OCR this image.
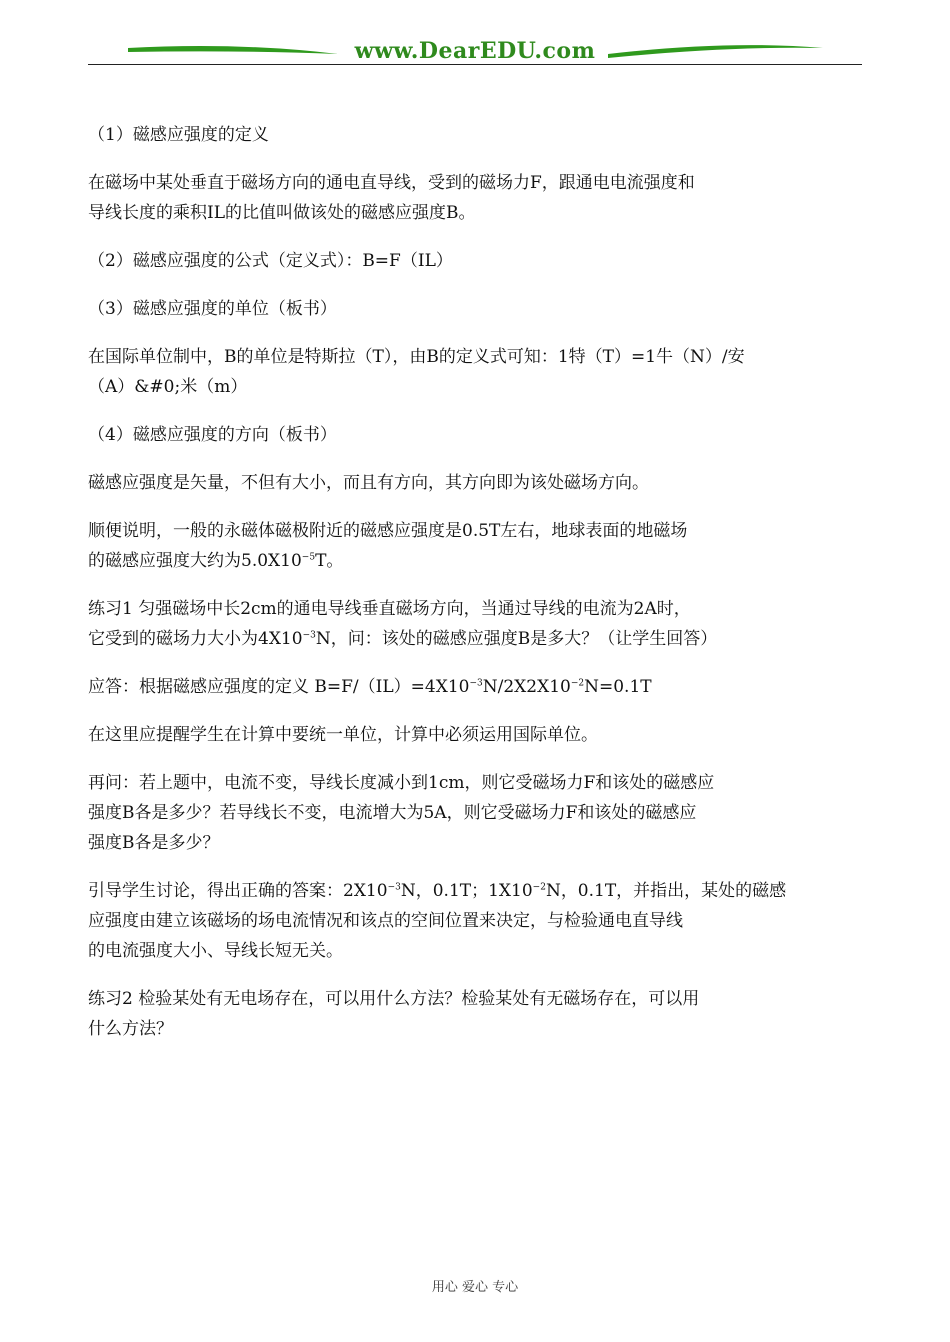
www.DearEDU.com
（1）磁感应强度的定义
在磁场中某处垂直于磁场方向的通电直导线，受到的磁场力F，跟通电电流强度和
导线长度的乘积IL的比值叫做该处的磁感应强度B。
（2）磁感应强度的公式（定义式）：B=F（IL）
（3）磁感应强度的单位（板书）
在国际单位制中，B的单位是特斯拉（T），由B的定义式可知：1特（T）=1牛（N）/安
（A）&#0;米（m）
（4）磁感应强度的方向（板书）
磁感应强度是矢量，不但有大小，而且有方向，其方向即为该处磁场方向。
顺便说明，一般的永磁体磁极附近的磁感应强度是0.5T左右，地球表面的地磁场
的磁感应强度大约为$5.0X10^{-5}T$。
练习1 匀强磁场中长2cm的通电导线垂直磁场方向，当通过导线的电流为2A时，
它受到的磁场力大小为$4X10^{-3}N$，问：该处的磁感应强度B是多大？（让学生回答）
应答：根据磁感应强度的定义 $B=F/(IL)=4X10^{-3}N/2X2X10^{-2}N=0.1T$
在这里应提醒学生在计算中要统一单位，计算中必须运用国际单位。
再问：若上题中，电流不变，导线长度减小到1cm，则它受磁场力F和该处的磁感应
强度B各是多少？若导线长不变，电流增大为5A，则它受磁场力F和该处的磁感应
强度B各是多少？
引导学生讨论，得出正确的答案：$2X10^{-3}N$，0.1T；$1X10^{-2}N$，0.1T，并指出，某处的磁感
应强度由建立该磁场的场电流情况和该点的空间位置来决定，与检验通电直导线
的电流强度大小、导线长短无关。
练习2 检验某处有无电场存在，可以用什么方法？检验某处有无磁场存在，可以用
什么方法？
用心 爱心 专心
